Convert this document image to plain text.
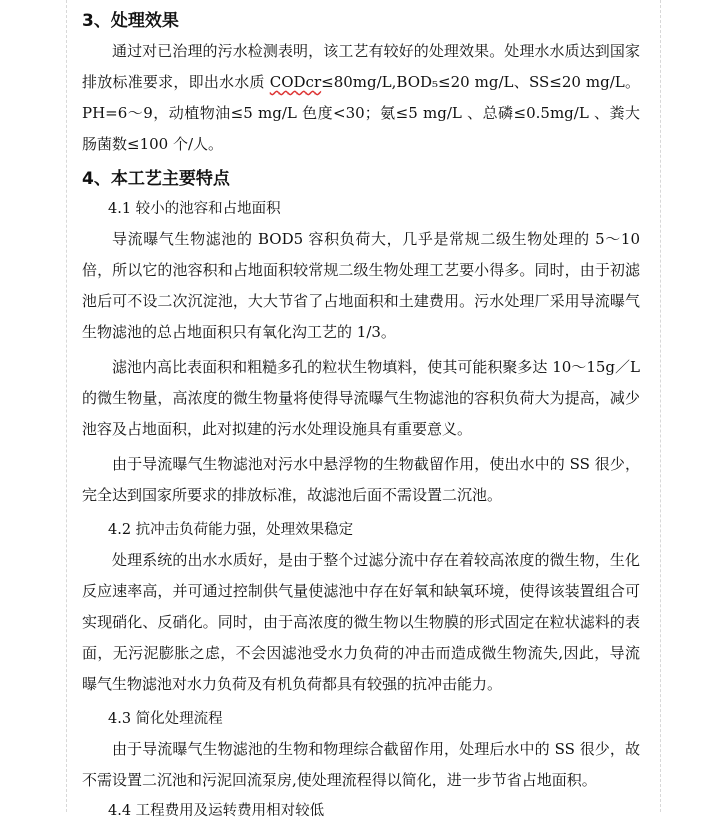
3、处理效果

通过对已治理的污水检测表明，该工艺有较好的处理效果。处理水水质达到国家排放标准要求，即出水水质 CODcr≤80mg/L,BOD₅≤20 mg/L、SS≤20 mg/L。PH=6～9，动植物油≤5 mg/L 色度<30；氨≤5 mg/L 、总磷≤0.5mg/L 、粪大肠菌数≤100 个/人。

4、本工艺主要特点
4.1 较小的池容和占地面积

导流曝气生物滤池的 BOD5 容积负荷大，几乎是常规二级生物处理的 5～10 倍，所以它的池容积和占地面积较常规二级生物处理工艺要小得多。同时，由于初滤池后可不设二次沉淀池，大大节省了占地面积和土建费用。污水处理厂采用导流曝气生物滤池的总占地面积只有氧化沟工艺的 1/3。

滤池内高比表面积和粗糙多孔的粒状生物填料，使其可能积聚多达 10～15g／L 的微生物量，高浓度的微生物量将使得导流曝气生物滤池的容积负荷大为提高，减少池容及占地面积，此对拟建的污水处理设施具有重要意义。

由于导流曝气生物滤池对污水中悬浮物的生物截留作用，使出水中的 SS 很少，完全达到国家所要求的排放标准，故滤池后面不需设置二沉池。

4.2 抗冲击负荷能力强，处理效果稳定

处理系统的出水水质好，是由于整个过滤分流中存在着较高浓度的微生物，生化反应速率高，并可通过控制供气量使滤池中存在好氧和缺氧环境，使得该装置组合可实现硝化、反硝化。同时，由于高浓度的微生物以生物膜的形式固定在粒状滤料的表面，无污泥膨胀之虑，不会因滤池受水力负荷的冲击而造成微生物流失,因此，导流曝气生物滤池对水力负荷及有机负荷都具有较强的抗冲击能力。

4.3 简化处理流程

由于导流曝气生物滤池的生物和物理综合截留作用，处理后水中的 SS 很少，故不需设置二沉池和污泥回流泵房,使处理流程得以简化，进一步节省占地面积。

4.4 工程费用及运转费用相对较低
